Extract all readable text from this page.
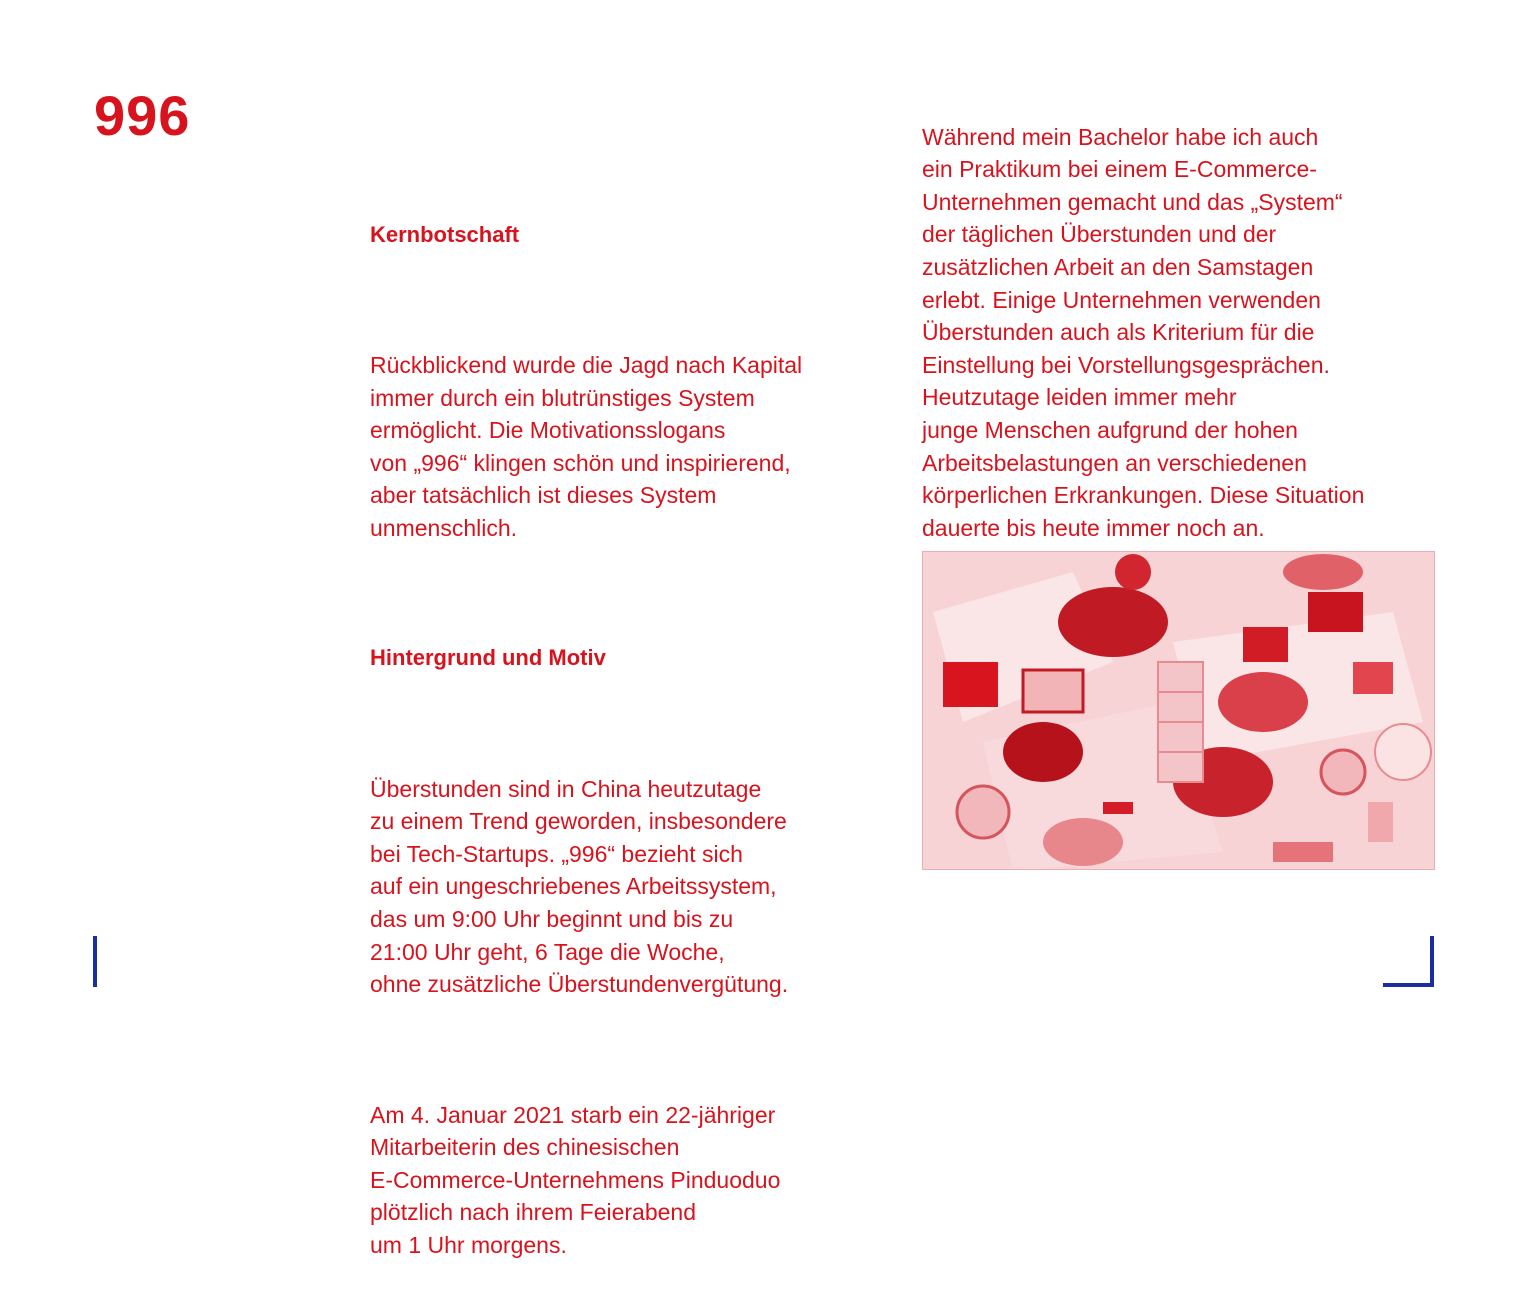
996

Kernbotschaft

Rückblickend wurde die Jagd nach Kapital
immer durch ein blutrünstiges System
ermöglicht. Die Motivationsslogans
von „996“ klingen schön und inspirierend,
aber tatsächlich ist dieses System
unmenschlich.

Hintergrund und Motiv

Überstunden sind in China heutzutage
zu einem Trend geworden, insbesondere
bei Tech-Startups. „996“ bezieht sich
auf ein ungeschriebenes Arbeitssystem,
das um 9:00 Uhr beginnt und bis zu
21:00 Uhr geht, 6 Tage die Woche,
ohne zusätzliche Überstundenvergütung.

Am 4. Januar 2021 starb ein 22-jähriger
Mitarbeiterin des chinesischen
E-Commerce-Unternehmens Pinduoduo
plötzlich nach ihrem Feierabend
um 1 Uhr morgens.

Während mein Bachelor habe ich auch
ein Praktikum bei einem E-Commerce-
Unternehmen gemacht und das „System“
der täglichen Überstunden und der
zusätzlichen Arbeit an den Samstagen
erlebt. Einige Unternehmen verwenden
Überstunden auch als Kriterium für die
Einstellung bei Vorstellungsgesprächen.
Heutzutage leiden immer mehr
junge Menschen aufgrund der hohen
Arbeitsbelastungen an verschiedenen
körperlichen Erkrankungen. Diese Situation
dauerte bis heute immer noch an.
